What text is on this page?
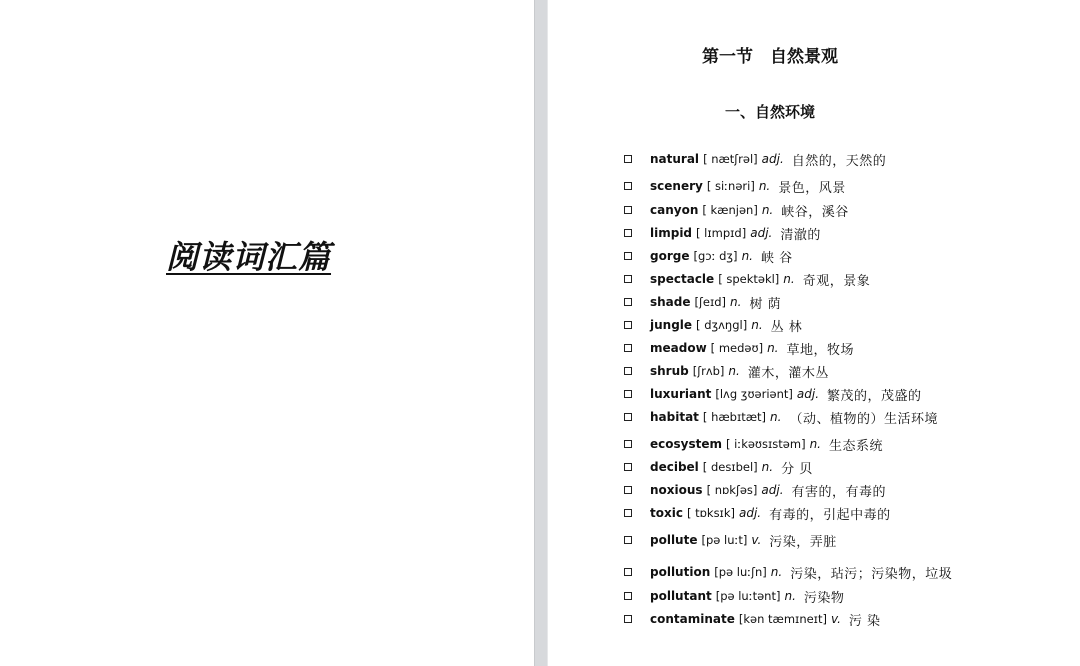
阅读词汇篇
第一节　自然景观
一、自然环境
natural [ nætʃrəl] adj. 自然的，天然的
scenery [ siːnəri] n. 景色，风景
canyon [ kænjən] n. 峡谷，溪谷
limpid [ lɪmpɪd] adj. 清澈的
gorge [gɔː dʒ] n. 峡 谷
spectacle [ spektəkl] n. 奇观，景象
shade [ʃeɪd] n. 树 荫
jungle [ dʒʌŋgl] n. 丛 林
meadow [ medəʊ] n. 草地，牧场
shrub [ʃrʌb] n. 灌木，灌木丛
luxuriant [lʌg ʒʊəriənt] adj. 繁茂的，茂盛的
habitat [ hæbɪtæt] n. （动、植物的）生活环境
ecosystem [ iːkəʊsɪstəm] n. 生态系统
decibel [ desɪbel] n. 分 贝
noxious [ nɒkʃəs] adj. 有害的，有毒的
toxic [ tɒksɪk] adj. 有毒的，引起中毒的
pollute [pə luːt] v. 污染，弄脏
pollution [pə luːʃn] n. 污染，玷污；污染物，垃圾
pollutant [pə luːtənt] n. 污染物
contaminate [kən tæmɪneɪt] v. 污 染
